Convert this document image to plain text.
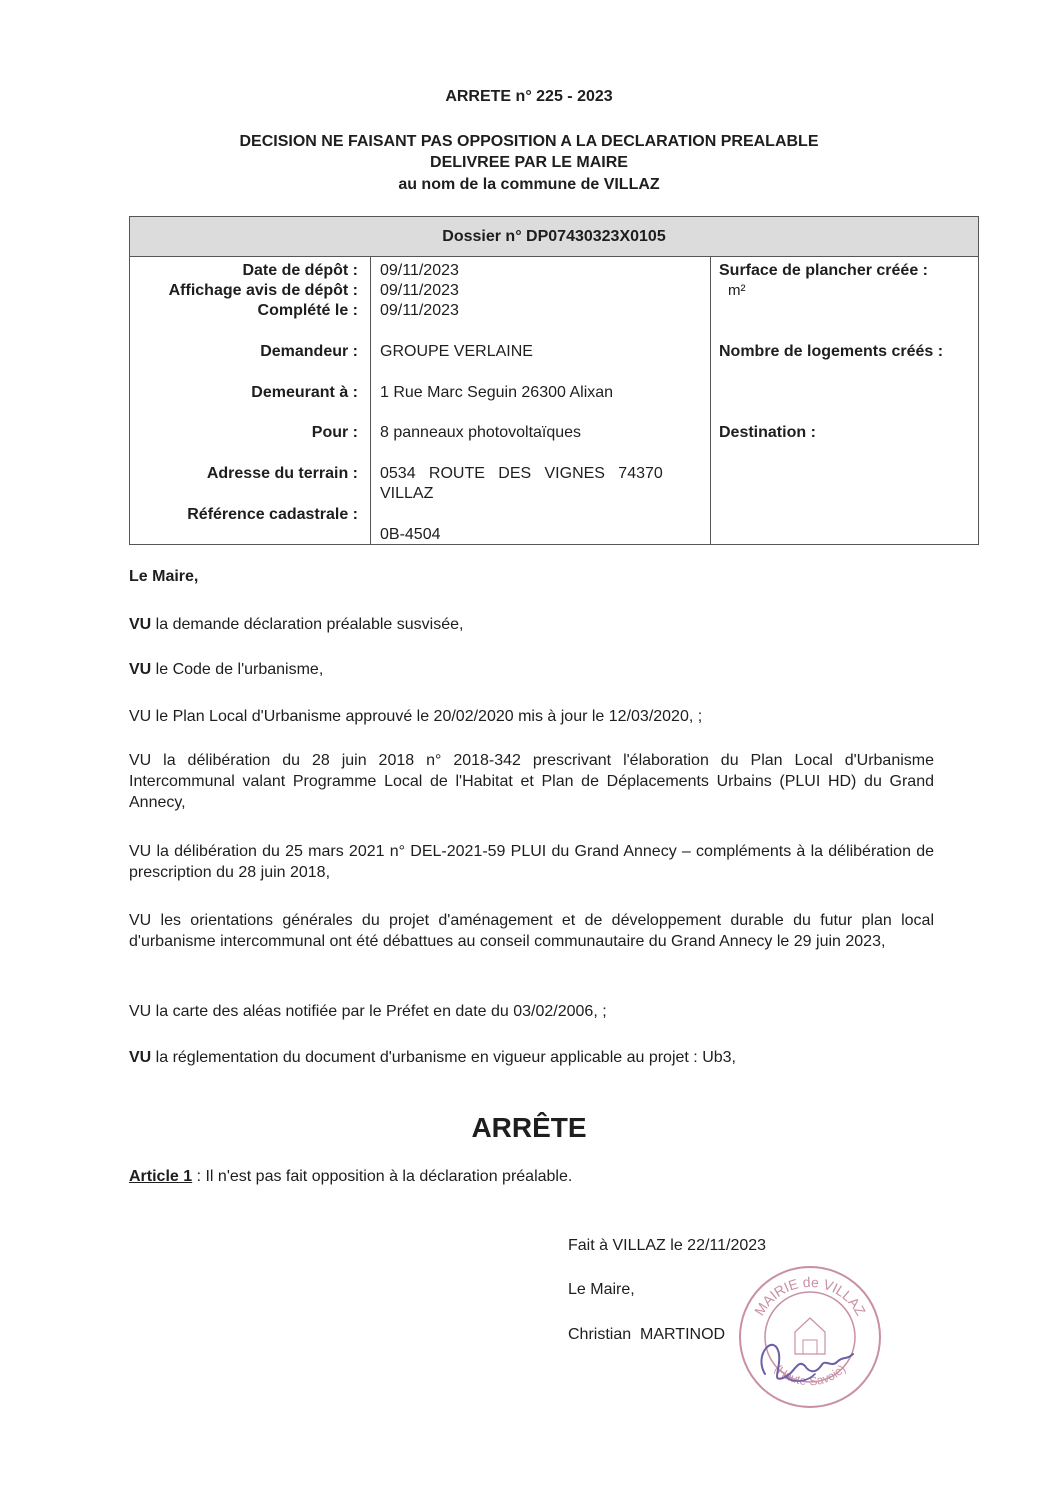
ARRETE n° 225 - 2023
DECISION NE FAISANT PAS OPPOSITION A LA DECLARATION PREALABLE
DELIVREE PAR LE MAIRE
au nom de la commune de VILLAZ
Dossier n° DP07430323X0105
Date de dépôt :
Affichage avis de dépôt :
Complété le :
Demandeur :
Demeurant à :
Pour :
Adresse du terrain :
Référence cadastrale :
09/11/2023
09/11/2023
09/11/2023
GROUPE VERLAINE
1 Rue Marc Seguin 26300 Alixan
8 panneaux photovoltaïques
0534   ROUTE   DES   VIGNES   74370
VILLAZ
0B-4504
Surface de plancher créée :
m²
Nombre de logements créés :
Destination :
Le Maire,
VU la demande déclaration préalable susvisée,
VU le Code de l'urbanisme,
VU le Plan Local d'Urbanisme approuvé le 20/02/2020 mis à jour le 12/03/2020, ;
VU la délibération du 28 juin 2018 n° 2018-342 prescrivant l'élaboration du Plan Local d'Urbanisme Intercommunal valant Programme Local de l'Habitat et Plan de Déplacements Urbains (PLUI HD) du Grand Annecy,
VU la délibération du 25 mars 2021 n° DEL-2021-59 PLUI du Grand Annecy – compléments à la délibération de prescription du 28 juin 2018,
VU les orientations générales du projet d'aménagement et de développement durable du futur plan local d'urbanisme intercommunal ont été débattues au conseil communautaire du Grand Annecy le 29 juin 2023,
VU la carte des aléas notifiée par le Préfet en date du 03/02/2006, ;
VU la réglementation du document d'urbanisme en vigueur applicable au projet : Ub3,
ARRÊTE
Article 1 : Il n'est pas fait opposition à la déclaration préalable.
Fait à VILLAZ le 22/11/2023
Le Maire,
Christian  MARTINOD
MAIRIE de VILLAZ
(Haute-Savoie)
